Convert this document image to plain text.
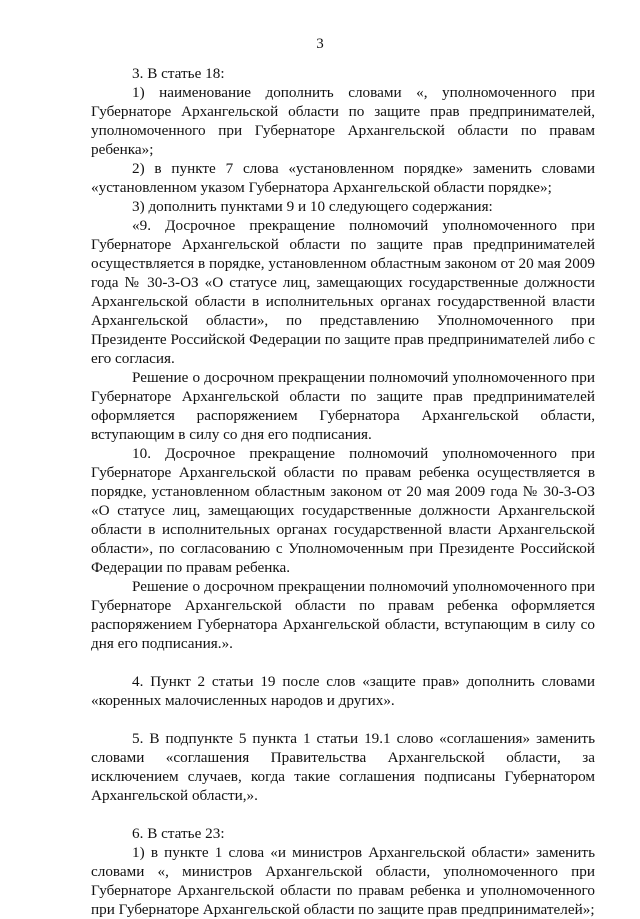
3

3. В статье 18:

1) наименование дополнить словами «, уполномоченного при Губернаторе Архангельской области по защите прав предпринимателей, уполномоченного при Губернаторе Архангельской области по правам ребенка»;

2) в пункте 7 слова «установленном порядке» заменить словами «установленном указом Губернатора Архангельской области порядке»;

3) дополнить пунктами 9 и 10 следующего содержания:

«9. Досрочное прекращение полномочий уполномоченного при Губернаторе Архангельской области по защите прав предпринимателей осуществляется в порядке, установленном областным законом от 20 мая 2009 года № 30-3-ОЗ «О статусе лиц, замещающих государственные должности Архангельской области в исполнительных органах государственной власти Архангельской области», по представлению Уполномоченного при Президенте Российской Федерации по защите прав предпринимателей либо с его согласия.

Решение о досрочном прекращении полномочий уполномоченного при Губернаторе Архангельской области по защите прав предпринимателей оформляется распоряжением Губернатора Архангельской области, вступающим в силу со дня его подписания.

10. Досрочное прекращение полномочий уполномоченного при Губернаторе Архангельской области по правам ребенка осуществляется в порядке, установленном областным законом от 20 мая 2009 года № 30-3-ОЗ «О статусе лиц, замещающих государственные должности Архангельской области в исполнительных органах государственной власти Архангельской области», по согласованию с Уполномоченным при Президенте Российской Федерации по правам ребенка.

Решение о досрочном прекращении полномочий уполномоченного при Губернаторе Архангельской области по правам ребенка оформляется распоряжением Губернатора Архангельской области, вступающим в силу со дня его подписания.».

4. Пункт 2 статьи 19 после слов «защите прав» дополнить словами «коренных малочисленных народов и других».

5. В подпункте 5 пункта 1 статьи 19.1 слово «соглашения» заменить словами «соглашения Правительства Архангельской области, за исключением случаев, когда такие соглашения подписаны Губернатором Архангельской области,».

6. В статье 23:

1) в пункте 1 слова «и министров Архангельской области» заменить словами «, министров Архангельской области, уполномоченного при Губернаторе Архангельской области по правам ребенка и уполномоченного при Губернаторе Архангельской области по защите прав предпринимателей»;
